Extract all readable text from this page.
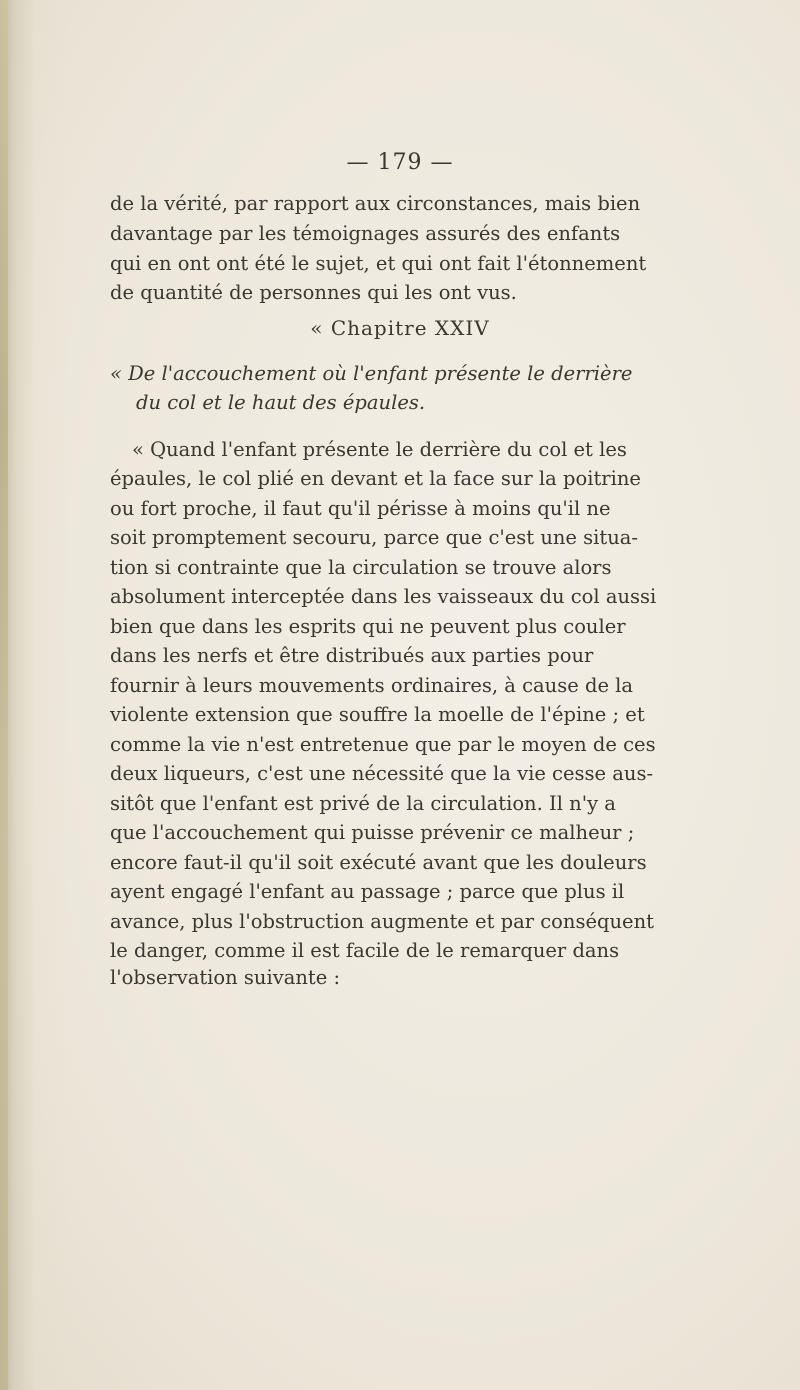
— 179 —
de la vérité, par rapport aux circonstances, mais bien
davantage par les témoignages assurés des enfants
qui en ont ont été le sujet, et qui ont fait l'étonnement
de quantité de personnes qui les ont vus.
« Chapitre XXIV
« De l'accouchement où l'enfant présente le derrière
du col et le haut des épaules.
« Quand l'enfant présente le derrière du col et les
épaules, le col plié en devant et la face sur la poitrine
ou fort proche, il faut qu'il périsse à moins qu'il ne
soit promptement secouru, parce que c'est une situa-
tion si contrainte que la circulation se trouve alors
absolument interceptée dans les vaisseaux du col aussi
bien que dans les esprits qui ne peuvent plus couler
dans les nerfs et être distribués aux parties pour
fournir à leurs mouvements ordinaires, à cause de la
violente extension que souffre la moelle de l'épine ; et
comme la vie n'est entretenue que par le moyen de ces
deux liqueurs, c'est une nécessité que la vie cesse aus-
sitôt que l'enfant est privé de la circulation. Il n'y a
que l'accouchement qui puisse prévenir ce malheur ;
encore faut-il qu'il soit exécuté avant que les douleurs
ayent engagé l'enfant au passage ; parce que plus il
avance, plus l'obstruction augmente et par conséquent
le danger, comme il est facile de le remarquer dans
l'observation suivante :
